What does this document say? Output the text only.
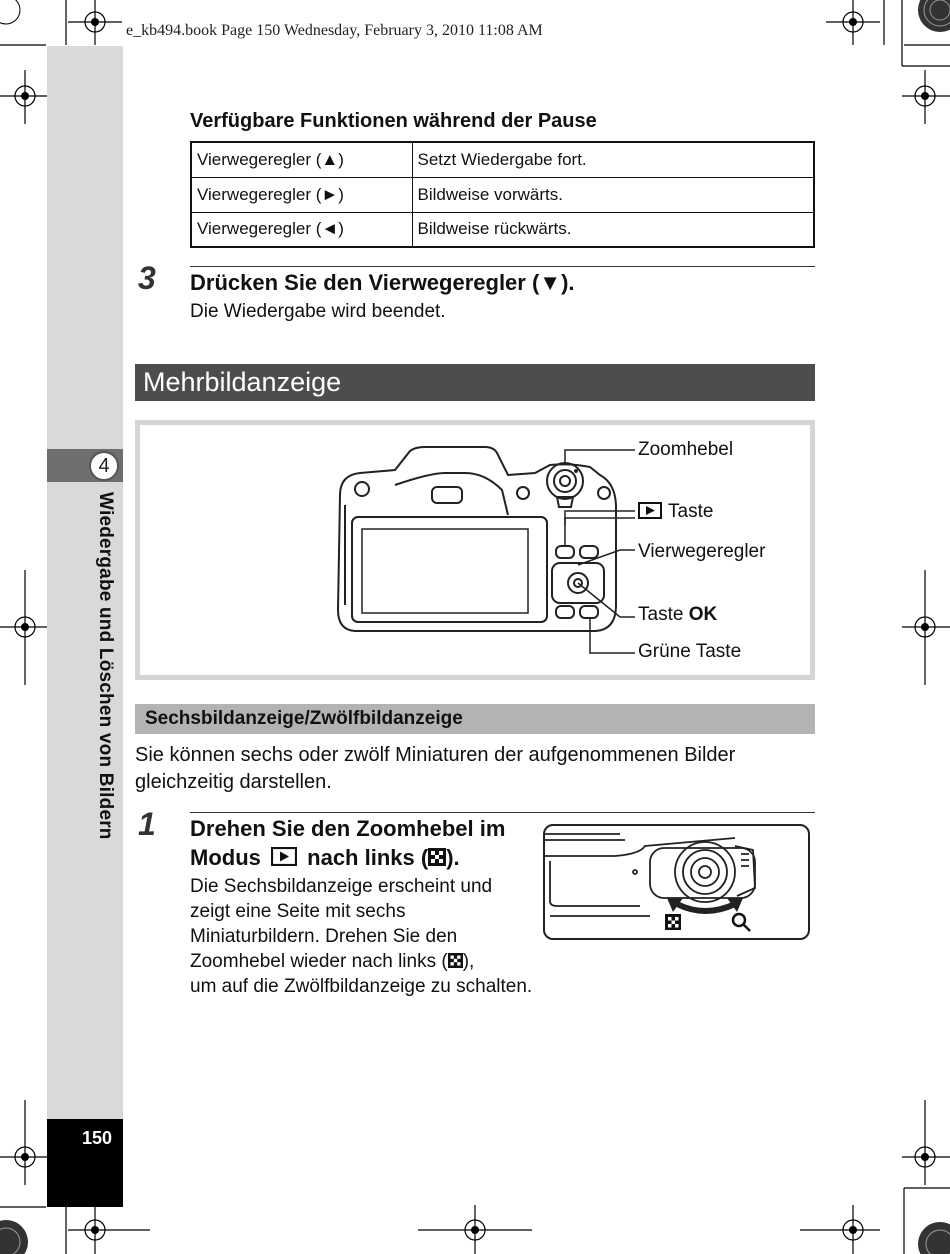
e_kb494.book Page 150 Wednesday, February 3, 2010 11:08 AM
4
Wiedergabe und Löschen von Bildern
150
Verfügbare Funktionen während der Pause
Vierwegeregler (▲)	Setzt Wiedergabe fort.
Vierwegeregler (►)	Bildweise vorwärts.
Vierwegeregler (◄)	Bildweise rückwärts.
3 Drücken Sie den Vierwegeregler (▼).
Die Wiedergabe wird beendet.
Mehrbildanzeige
Zoomhebel
Taste
Vierwegeregler
Taste OK
Grüne Taste
Sechsbildanzeige/Zwölfbildanzeige
Sie können sechs oder zwölf Miniaturen der aufgenommenen Bilder gleichzeitig darstellen.
1 Drehen Sie den Zoomhebel im
Modus nach links ( ).
Die Sechsbildanzeige erscheint und
zeigt eine Seite mit sechs
Miniaturbildern. Drehen Sie den
Zoomhebel wieder nach links ( ),
um auf die Zwölfbildanzeige zu schalten.
